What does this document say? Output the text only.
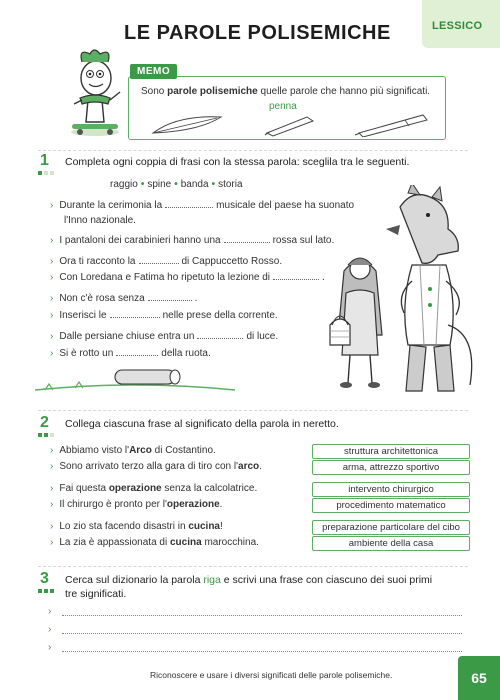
LE PAROLE POLISEMICHE	LESSICO
Sono parole polisemiche quelle parole che hanno più significati.
penna
MEMO
1 Completa ogni coppia di frasi con la stessa parola: sceglila tra le seguenti.
raggio • spine • banda • storia
› Durante la cerimonia la	musicale del paese ha suonato
l'Inno nazionale.
› I pantaloni dei carabinieri hanno una	rossa sul lato.
› Ora ti racconto la	di Cappuccetto Rosso.
› Con Loredana e Fatima ho ripetuto la lezione di	.
› Non c'è rosa senza	.
› Inserisci le	nelle prese della corrente.
› Dalle persiane chiuse entra un	di luce.
› Si è rotto un	della ruota.
2 Collega ciascuna frase al significato della parola in neretto.
› Abbiamo visto l'Arco di Costantino.
› Sono arrivato terzo alla gara di tiro con l'arco.
› Fai questa operazione senza la calcolatrice.
› Il chirurgo è pronto per l'operazione.
› Lo zio sta facendo disastri in cucina!
› La zia è appassionata di cucina marocchina.
struttura architettonica
arma, attrezzo sportivo
intervento chirurgico
procedimento matematico
preparazione particolare del cibo
ambiente della casa
3 Cerca sul dizionario la parola riga e scrivi una frase con ciascuno dei suoi primi
tre significati.
›
›
›
Riconoscere e usare i diversi significati delle parole polisemiche.	65
